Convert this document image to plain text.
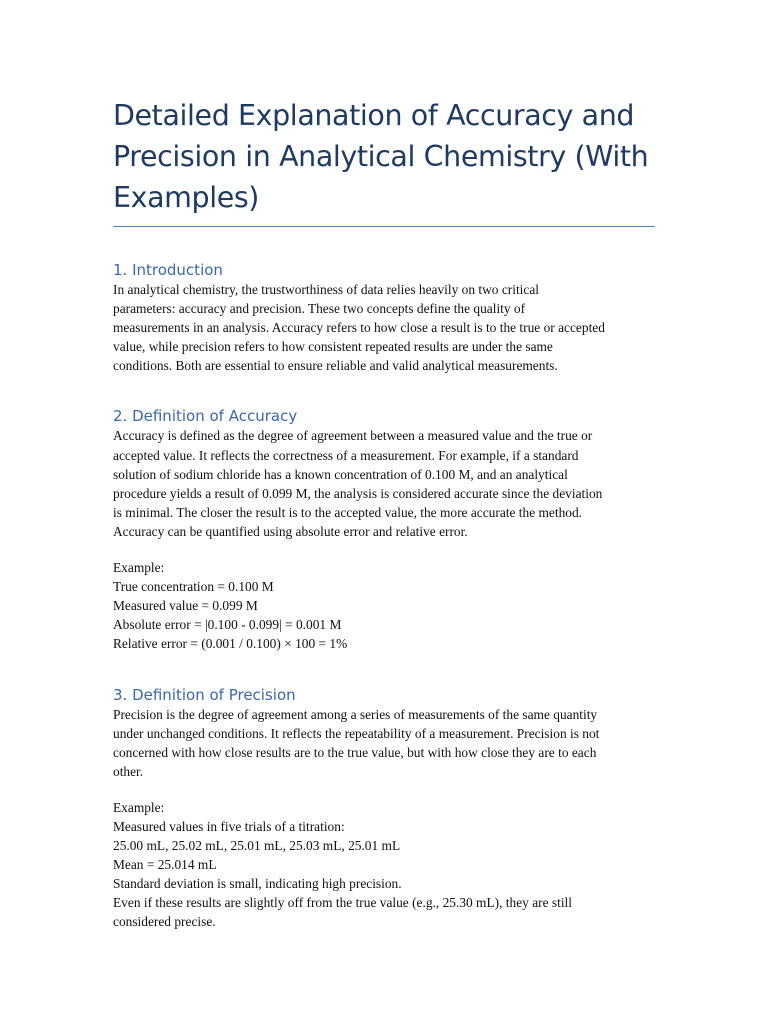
Detailed Explanation of Accuracy and
Precision in Analytical Chemistry (With
Examples)
1. Introduction

In analytical chemistry, the trustworthiness of data relies heavily on two critical
parameters: accuracy and precision. These two concepts define the quality of
measurements in an analysis. Accuracy refers to how close a result is to the true or accepted
value, while precision refers to how consistent repeated results are under the same
conditions. Both are essential to ensure reliable and valid analytical measurements.

2. Definition of Accuracy

Accuracy is defined as the degree of agreement between a measured value and the true or
accepted value. It reflects the correctness of a measurement. For example, if a standard
solution of sodium chloride has a known concentration of 0.100 M, and an analytical
procedure yields a result of 0.099 M, the analysis is considered accurate since the deviation
is minimal. The closer the result is to the accepted value, the more accurate the method.
Accuracy can be quantified using absolute error and relative error.

Example:
True concentration = 0.100 M
Measured value = 0.099 M
Absolute error = |0.100 - 0.099| = 0.001 M
Relative error = (0.001 / 0.100) × 100 = 1%

3. Definition of Precision

Precision is the degree of agreement among a series of measurements of the same quantity
under unchanged conditions. It reflects the repeatability of a measurement. Precision is not
concerned with how close results are to the true value, but with how close they are to each
other.

Example:
Measured values in five trials of a titration:
25.00 mL, 25.02 mL, 25.01 mL, 25.03 mL, 25.01 mL
Mean = 25.014 mL
Standard deviation is small, indicating high precision.
Even if these results are slightly off from the true value (e.g., 25.30 mL), they are still
considered precise.
